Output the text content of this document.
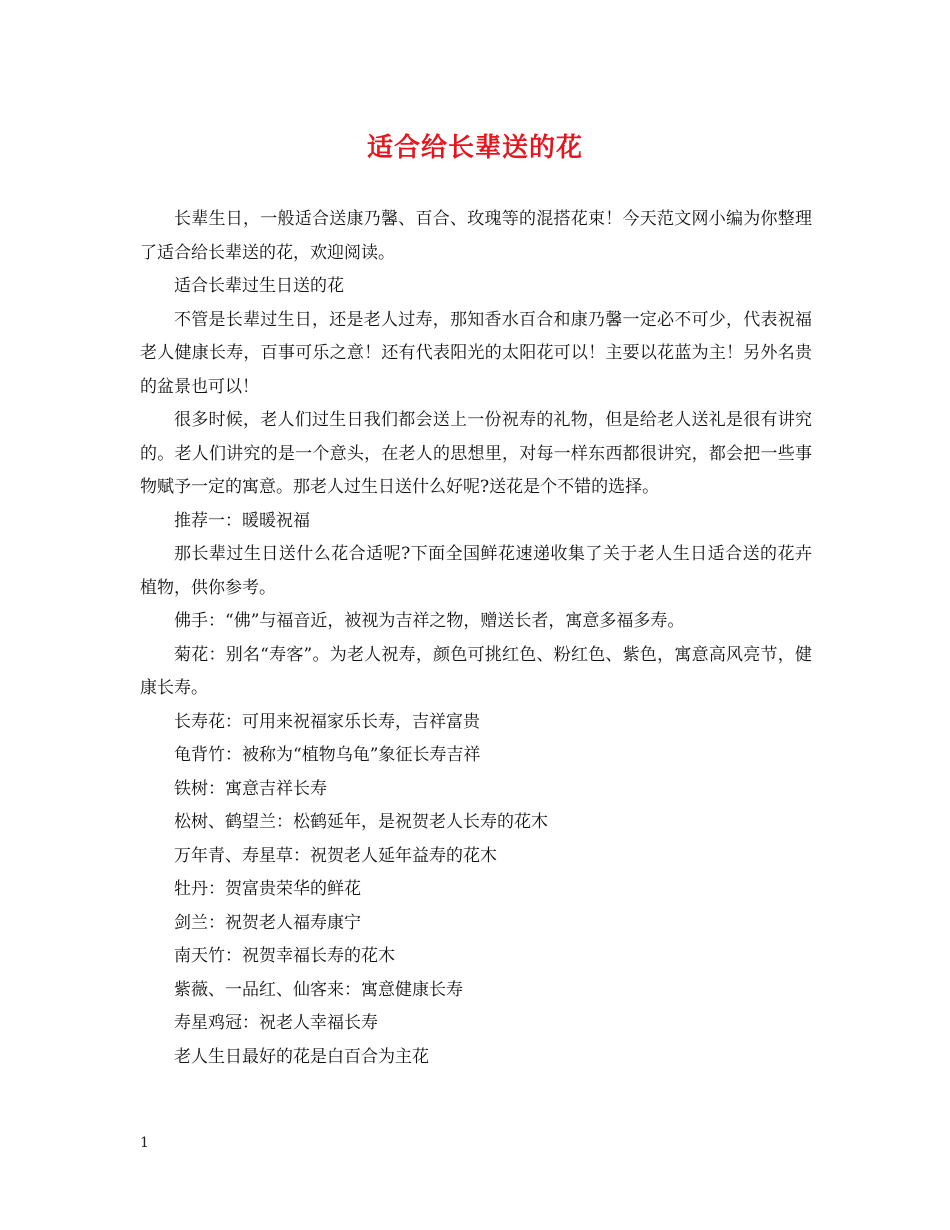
适合给长辈送的花

长辈生日，一般适合送康乃馨、百合、玫瑰等的混搭花束！今天范文网小编为你整理了适合给长辈送的花，欢迎阅读。

适合长辈过生日送的花

不管是长辈过生日，还是老人过寿，那知香水百合和康乃馨一定必不可少，代表祝福老人健康长寿，百事可乐之意！还有代表阳光的太阳花可以！主要以花蓝为主！另外名贵的盆景也可以！

很多时候，老人们过生日我们都会送上一份祝寿的礼物，但是给老人送礼是很有讲究的。老人们讲究的是一个意头，在老人的思想里，对每一样东西都很讲究，都会把一些事物赋予一定的寓意。那老人过生日送什么好呢?送花是个不错的选择。

推荐一：暖暖祝福

那长辈过生日送什么花合适呢?下面全国鲜花速递收集了关于老人生日适合送的花卉植物，供你参考。

佛手：“佛”与福音近，被视为吉祥之物，赠送长者，寓意多福多寿。

菊花：别名“寿客”。为老人祝寿，颜色可挑红色、粉红色、紫色，寓意高风亮节，健康长寿。

长寿花：可用来祝福家乐长寿，吉祥富贵

龟背竹：被称为“植物乌龟”象征长寿吉祥

铁树：寓意吉祥长寿

松树、鹤望兰：松鹤延年，是祝贺老人长寿的花木

万年青、寿星草：祝贺老人延年益寿的花木

牡丹：贺富贵荣华的鲜花

剑兰：祝贺老人福寿康宁

南天竹：祝贺幸福长寿的花木

紫薇、一品红、仙客来：寓意健康长寿

寿星鸡冠：祝老人幸福长寿

老人生日最好的花是白百合为主花

1
